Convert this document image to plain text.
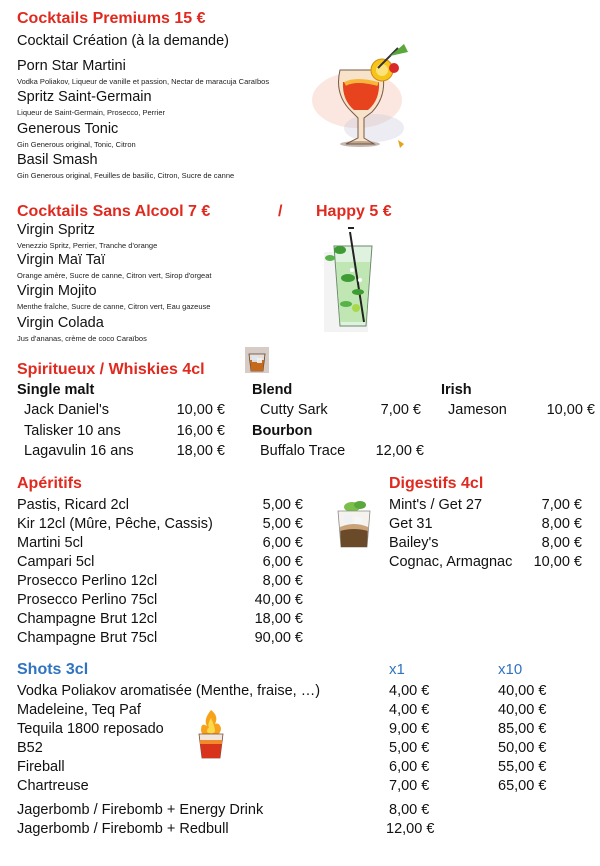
Cocktails Premiums 15 €
Cocktail Création (à la demande)
Porn Star Martini
Vodka Poliakov, Liqueur de vanille et passion, Nectar de maracuja Caraïbos
Spritz Saint-Germain
Liqueur de Saint-Germain, Prosecco, Perrier
Generous Tonic
Gin Generous original, Tonic, Citron
Basil Smash
Gin Generous original, Feuilles de basilic, Citron, Sucre de canne
Cocktails Sans Alcool 7 €	/ Happy 5 €
Virgin Spritz
Venezzio Spritz, Perrier, Tranche d'orange
Virgin Maï Taï
Orange amère, Sucre de canne, Citron vert, Sirop d'orgeat
Virgin Mojito
Menthe fraîche, Sucre de canne, Citron vert, Eau gazeuse
Virgin Colada
Jus d'ananas, crème de coco Caraïbos
Spiritueux / Whiskies 4cl
Single malt
Jack Daniel's	10,00 €
Talisker 10 ans	16,00 €
Lagavulin 16 ans	18,00 €
Blend
Cutty Sark	7,00 €
Bourbon
Buffalo Trace	12,00 €
Irish
Jameson	10,00 €
Apéritifs
Pastis, Ricard 2cl	5,00 €
Kir 12cl (Mûre, Pêche, Cassis)	5,00 €
Martini 5cl	6,00 €
Campari 5cl	6,00 €
Prosecco Perlino 12cl	8,00 €
Prosecco Perlino 75cl	40,00 €
Champagne Brut 12cl	18,00 €
Champagne Brut 75cl	90,00 €
Digestifs 4cl
Mint's / Get 27	7,00 €
Get 31	8,00 €
Bailey's	8,00 €
Cognac, Armagnac	10,00 €
Shots 3cl	x1	x10
Vodka Poliakov aromatisée (Menthe, fraise, …)	4,00 €	40,00 €
Madeleine, Teq Paf	4,00 €	40,00 €
Tequila 1800 reposado	9,00 €	85,00 €
B52	5,00 €	50,00 €
Fireball	6,00 €	55,00 €
Chartreuse	7,00 €	65,00 €
Jagerbomb / Firebomb + Energy Drink	8,00 €
Jagerbomb / Firebomb + Redbull	12,00 €
